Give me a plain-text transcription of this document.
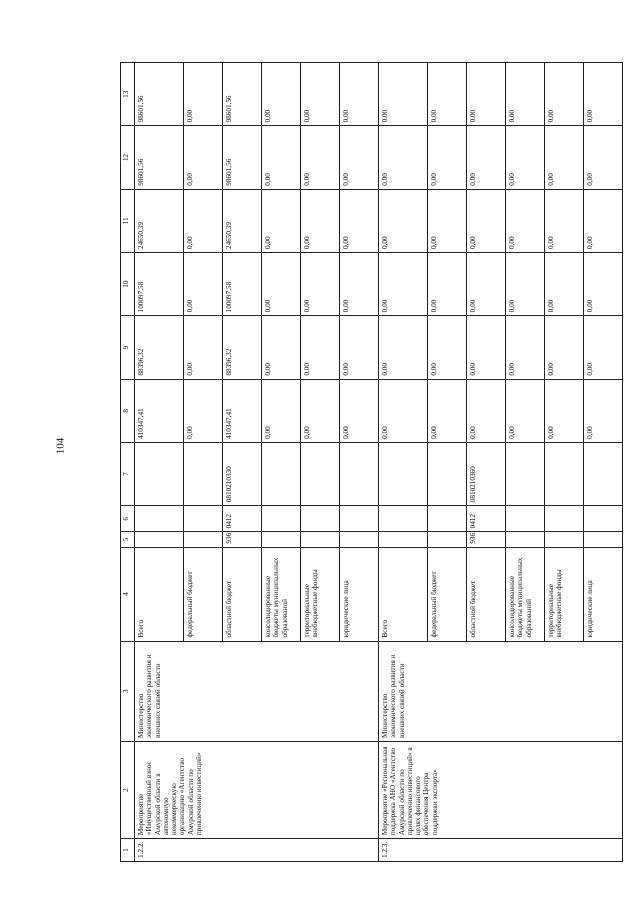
104
1	2	3	4	5	6	7	8	9	10	11	12	13
1.2.2.	Мероприятие «Имущественный взнос Амурской области в автономную некоммерческую организацию «Агентство Амурской области по привлечению инвестиций»	Министерство экономического развития и внешних связей области	Всего				410347,41	88396,32	100097,58	24650,39	98601,56	98601,56
			федеральный бюджет				0,00	0,00	0,00	0,00	0,00	0,00
			областной бюджет	936	0412	0810210330	410347,41	88396,32	100097,58	24650,39	98601,56	98601,56
			консолидированные бюджеты муниципальных образований				0,00	0,00	0,00	0,00	0,00	0,00
			территориальные внебюджетные фонды				0,00	0,00	0,00	0,00	0,00	0,00
			юридические лица				0,00	0,00	0,00	0,00	0,00	0,00
1.2.3.	Мероприятие «Региональная поддержка АНО «Агентство Амурской области по привлечению инвестиций» в целях финансового обеспечения Центра поддержки экспорта»	Министерство экономического развития и внешних связей области	Всего				0,00	0,00	0,00	0,00	0,00	0,00
			федеральный бюджет				0,00	0,00	0,00	0,00	0,00	0,00
			областной бюджет	936	0412	0810210360	0,00	0,00	0,00	0,00	0,00	0,00
			консолидированные бюджеты муниципальных образований				0,00	0,00	0,00	0,00	0,00	0,00
			территориальные внебюджетные фонды				0,00	0,00	0,00	0,00	0,00	0,00
			юридические лица				0,00	0,00	0,00	0,00	0,00	0,00
